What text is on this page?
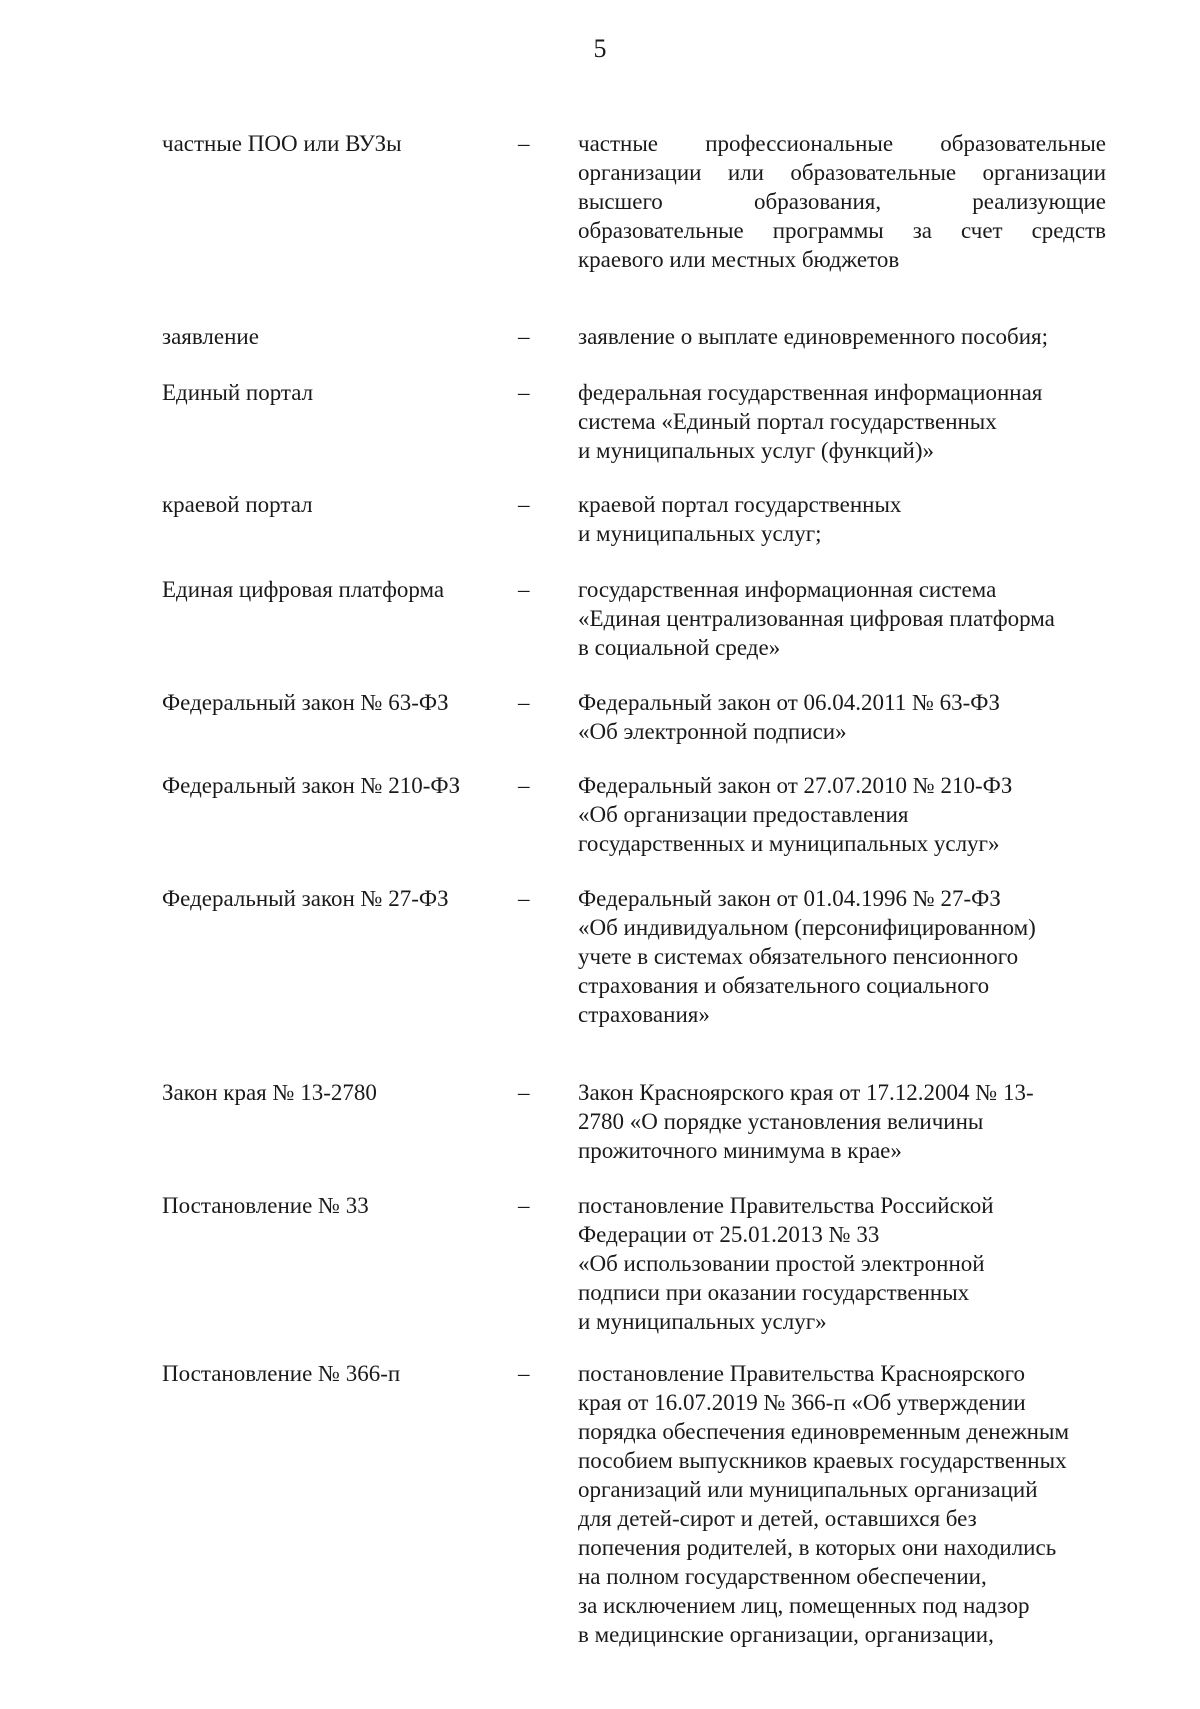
5
частные ПОО или ВУЗы	–	частные профессиональные образовательные
организации или образовательные организации
высшего образования, реализующие
образовательные программы за счет средств
краевого или местных бюджетов
заявление	–	заявление о выплате единовременного пособия;
Единый портал	–	федеральная государственная информационная
система «Единый портал государственных
и муниципальных услуг (функций)»
краевой портал	–	краевой портал государственных
и муниципальных услуг;
Единая цифровая платформа	–	государственная информационная система
«Единая централизованная цифровая платформа
в социальной среде»
Федеральный закон № 63-ФЗ	–	Федеральный закон от 06.04.2011 № 63-ФЗ
«Об электронной подписи»
Федеральный закон № 210-ФЗ	–	Федеральный закон от 27.07.2010 № 210-ФЗ
«Об организации предоставления
государственных и муниципальных услуг»
Федеральный закон № 27-ФЗ	–	Федеральный закон от 01.04.1996 № 27-ФЗ
«Об индивидуальном (персонифицированном)
учете в системах обязательного пенсионного
страхования и обязательного социального
страхования»
Закон края № 13-2780	–	Закон Красноярского края от 17.12.2004 № 13-
2780 «О порядке установления величины
прожиточного минимума в крае»
Постановление № 33	–	постановление Правительства Российской
Федерации от 25.01.2013 № 33
«Об использовании простой электронной
подписи при оказании государственных
и муниципальных услуг»
Постановление № 366-п	–	постановление Правительства Красноярского
края от 16.07.2019 № 366-п «Об утверждении
порядка обеспечения единовременным денежным
пособием выпускников краевых государственных
организаций или муниципальных организаций
для детей-сирот и детей, оставшихся без
попечения родителей, в которых они находились
на полном государственном обеспечении,
за исключением лиц, помещенных под надзор
в медицинские организации, организации,
